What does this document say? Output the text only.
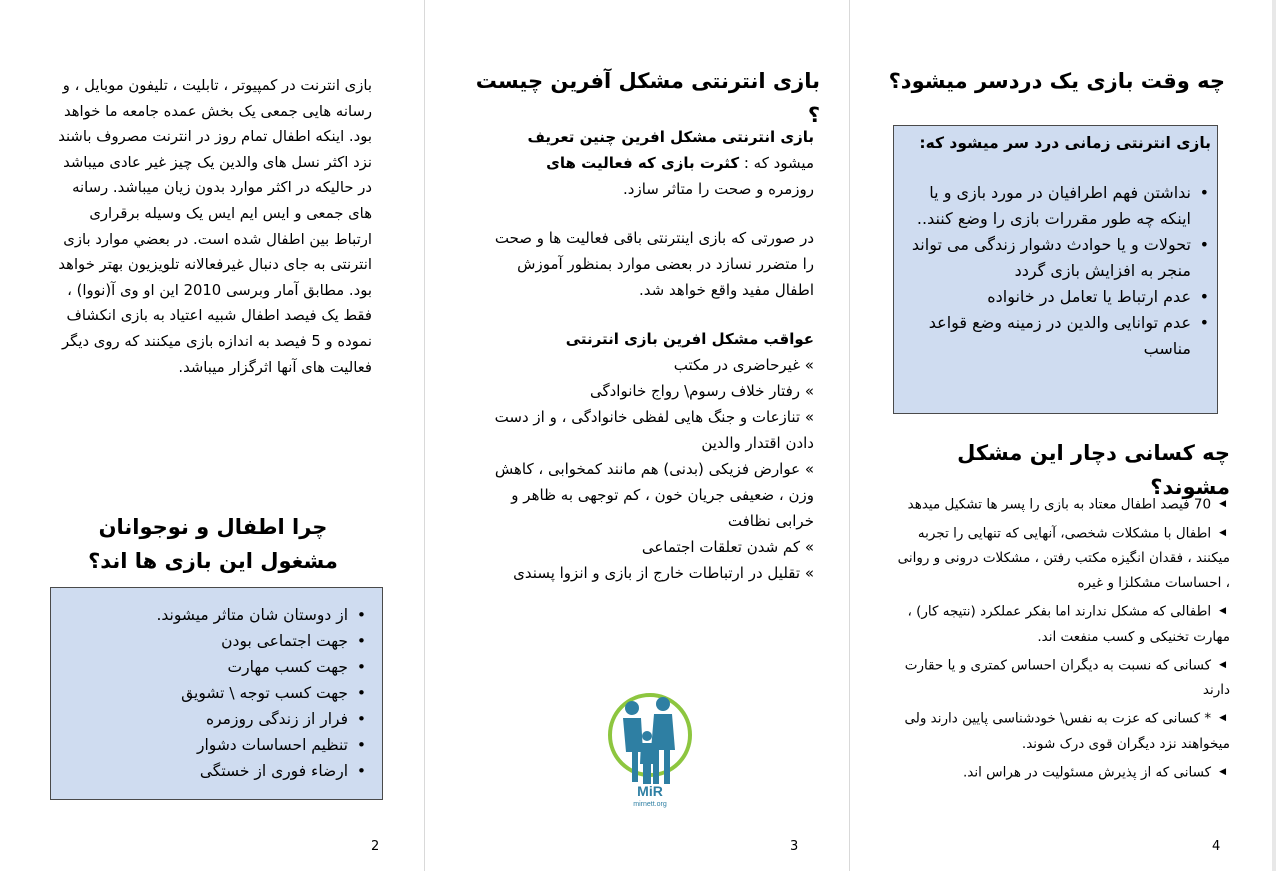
بازی انترنت در کمپیوتر ، تابلیت ، تلیفون موبایل ، و رسانه هایی جمعی یک بخش عمده جامعه ما خواهد بود. اینکه اطفال تمام روز در انترنت مصروف باشند نزد اکثر نسل های والدین یک چیز غیر عادی میباشد در حالیکه در اکثر موارد بدون زیان میباشد. رسانه های جمعی و ایس ایم ایس یک وسیله برقراری ارتباط بین اطفال شده است. در بعضي موارد بازی انترنتی به جای دنبال غیرفعالانه تلویزیون بهتر خواهد بود. مطابق آمار وبرسی 2010 این او وی آ(نووا) ، فقط یک فیصد اطفال شبیه اعتیاد به بازی انکشاف نموده و 5 فیصد به اندازه بازی میکنند که روی دیگر فعالیت های آنها اثرگزار میباشد.
چرا اطفال و نوجوانان مشغول این بازی ها اند؟
• از دوستان شان متاثر میشوند.
• جهت اجتماعی بودن
• جهت کسب مهارت
• جهت کسب توجه \ تشویق
• فرار از زندگی روزمره
• تنظیم احساسات دشوار
• ارضاء فوری از خستگی
2
بازی انترنتی مشکل آفرین چیست ؟
بازی انترنتی مشکل افرین چنین تعریف
میشود که : کثرت بازی که فعالیت های
روزمره و صحت را متاثر سازد.
در صورتی که بازی اینترنتی باقی فعالیت ها و صحت را متضرر نسازد در بعضی موارد بمنظور آموزش اطفال مفید واقع خواهد شد.
عواقب مشکل افرین بازی انترنتی
» غیرحاضری در مکتب
» رفتار خلاف رسوم\ رواج خانوادگی
» تنازعات و جنگ هایی لفظی خانوادگی ، و از دست دادن اقتدار والدین
» عوارض فزیکی (بدنی) هم مانند کمخوابی ، کاهش وزن ، ضعیفی جریان خون ، کم توجهی به ظاهر و خرابی نظافت
» کم شدن تعلقات اجتماعی
» تقلیل در ارتباطات خارج از بازی و انزوا پسندی
MiR
mirnett.org
3
چه وقت بازی یک دردسر میشود؟
بازی انترنتی زمانی درد سر میشود که:
• نداشتن فهم اطرافیان در مورد بازی و یا اینکه چه طور مقررات بازی را وضع کنند..
• تحولات و یا حوادث دشوار زندگی می تواند منجر به افزایش بازی گردد
• عدم ارتباط یا تعامل در خانواده
• عدم توانایی والدین در زمینه وضع قواعد مناسب
چه کسانی دچار این مشکل مشوند؟
◀70 فیصد اطفال معتاد به بازی را پسر ها تشکیل میدهد
◀اطفال با مشکلات شخصی، آنهایی که تنهایی را تجربه میکنند ، فقدان انگیزه مکتب رفتن ، مشکلات درونی و روانی ، احساسات مشکلزا و غیره
◀اطفالی که مشکل ندارند اما بفکر عملکرد (نتیجه کار) ، مهارت تخنیکی و کسب منفعت اند.
◀کسانی که نسبت به دیگران احساس کمتری و یا حقارت دارند
◀* کسانی که عزت به نفس\ خودشناسی پایین دارند ولی میخواهند نزد دیگران قوی درک شوند.
◀کسانی که از پذیرش مسئولیت در هراس اند.
4
